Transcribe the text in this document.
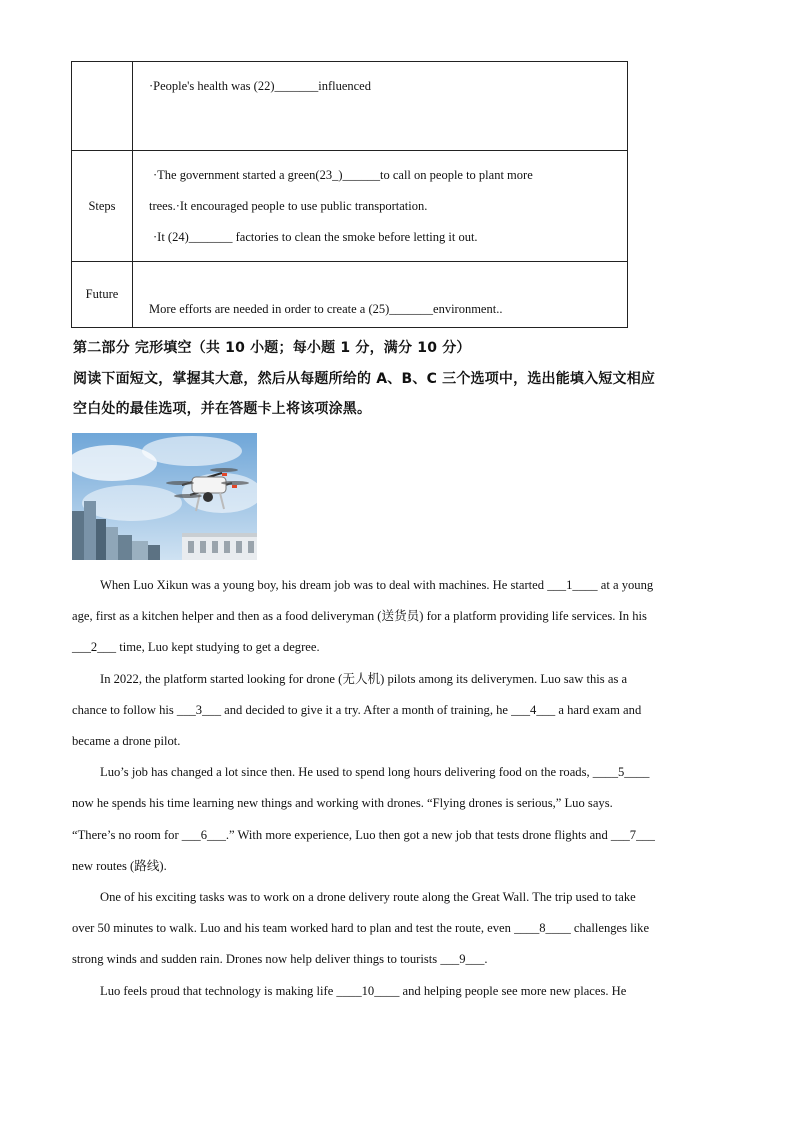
	·People's health was (22)_______influenced
Steps	·The government started a green(23_)______to call on people to plant more
trees.·It encouraged people to use public transportation.
·It (24)_______ factories to clean the smoke before letting it out.

Future	More efforts are needed in order to create a (25)_______environment..
第二部分 完形填空（共 10 小题；每小题 1 分，满分 10 分）
阅读下面短文，掌握其大意，然后从每题所给的 A、B、C 三个选项中，选出能填入短文相应
空白处的最佳选项，并在答题卡上将该项涂黑。

When Luo Xikun was a young boy, his dream job was to deal with machines. He started ___1____ at a young

age, first as a kitchen helper and then as a food deliveryman (送货员) for a platform providing life services. In his

___2___ time, Luo kept studying to get a degree.

In 2022, the platform started looking for drone (无人机) pilots among its deliverymen. Luo saw this as a

chance to follow his ___3___ and decided to give it a try. After a month of training, he ___4___ a hard exam and

became a drone pilot.

Luo’s job has changed a lot since then. He used to spend long hours delivering food on the roads, ____5____

now he spends his time learning new things and working with drones. “Flying drones is serious,” Luo says.

“There’s no room for ___6___.” With more experience, Luo then got a new job that tests drone flights and ___7___

new routes (路线).

One of his exciting tasks was to work on a drone delivery route along the Great Wall. The trip used to take

over 50 minutes to walk. Luo and his team worked hard to plan and test the route, even ____8____ challenges like

strong winds and sudden rain. Drones now help deliver things to tourists ___9___.

Luo feels proud that technology is making life ____10____ and helping people see more new places. He
